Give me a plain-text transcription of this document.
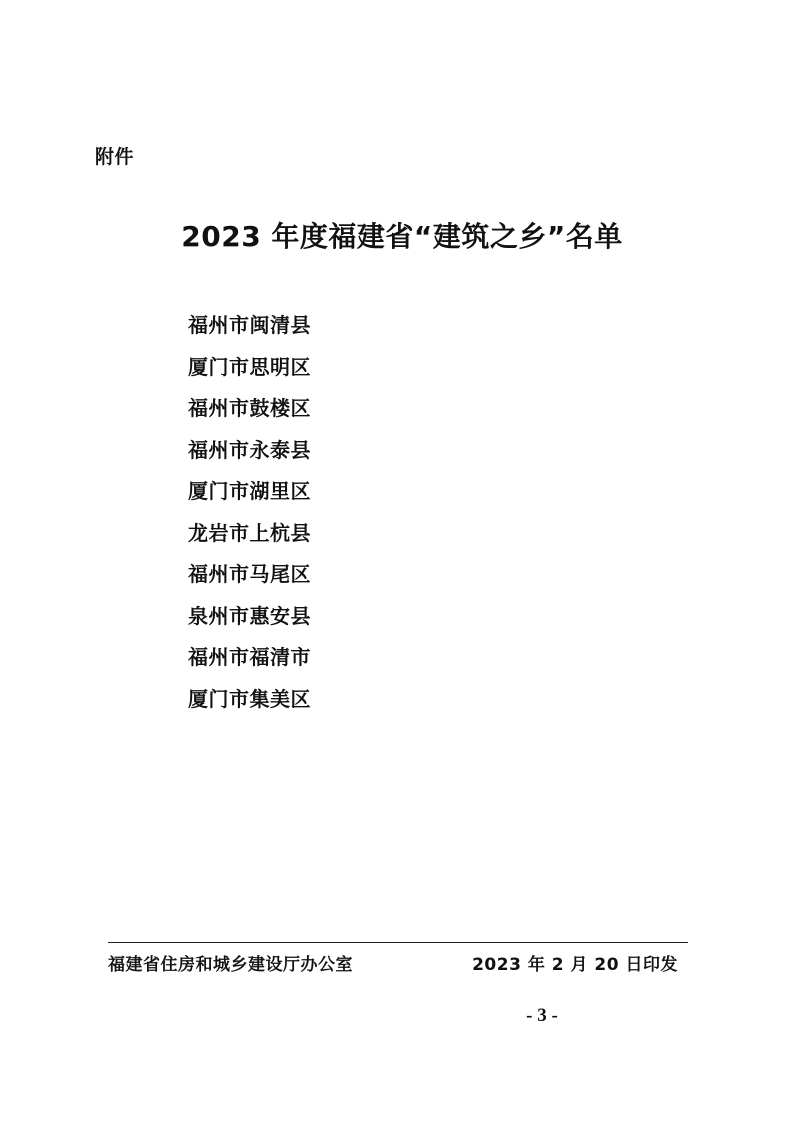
附件
2023 年度福建省“建筑之乡”名单
福州市闽清县
厦门市思明区
福州市鼓楼区
福州市永泰县
厦门市湖里区
龙岩市上杭县
福州市马尾区
泉州市惠安县
福州市福清市
厦门市集美区
福建省住房和城乡建设厅办公室	2023 年 2 月 20 日印发
- 3 -
